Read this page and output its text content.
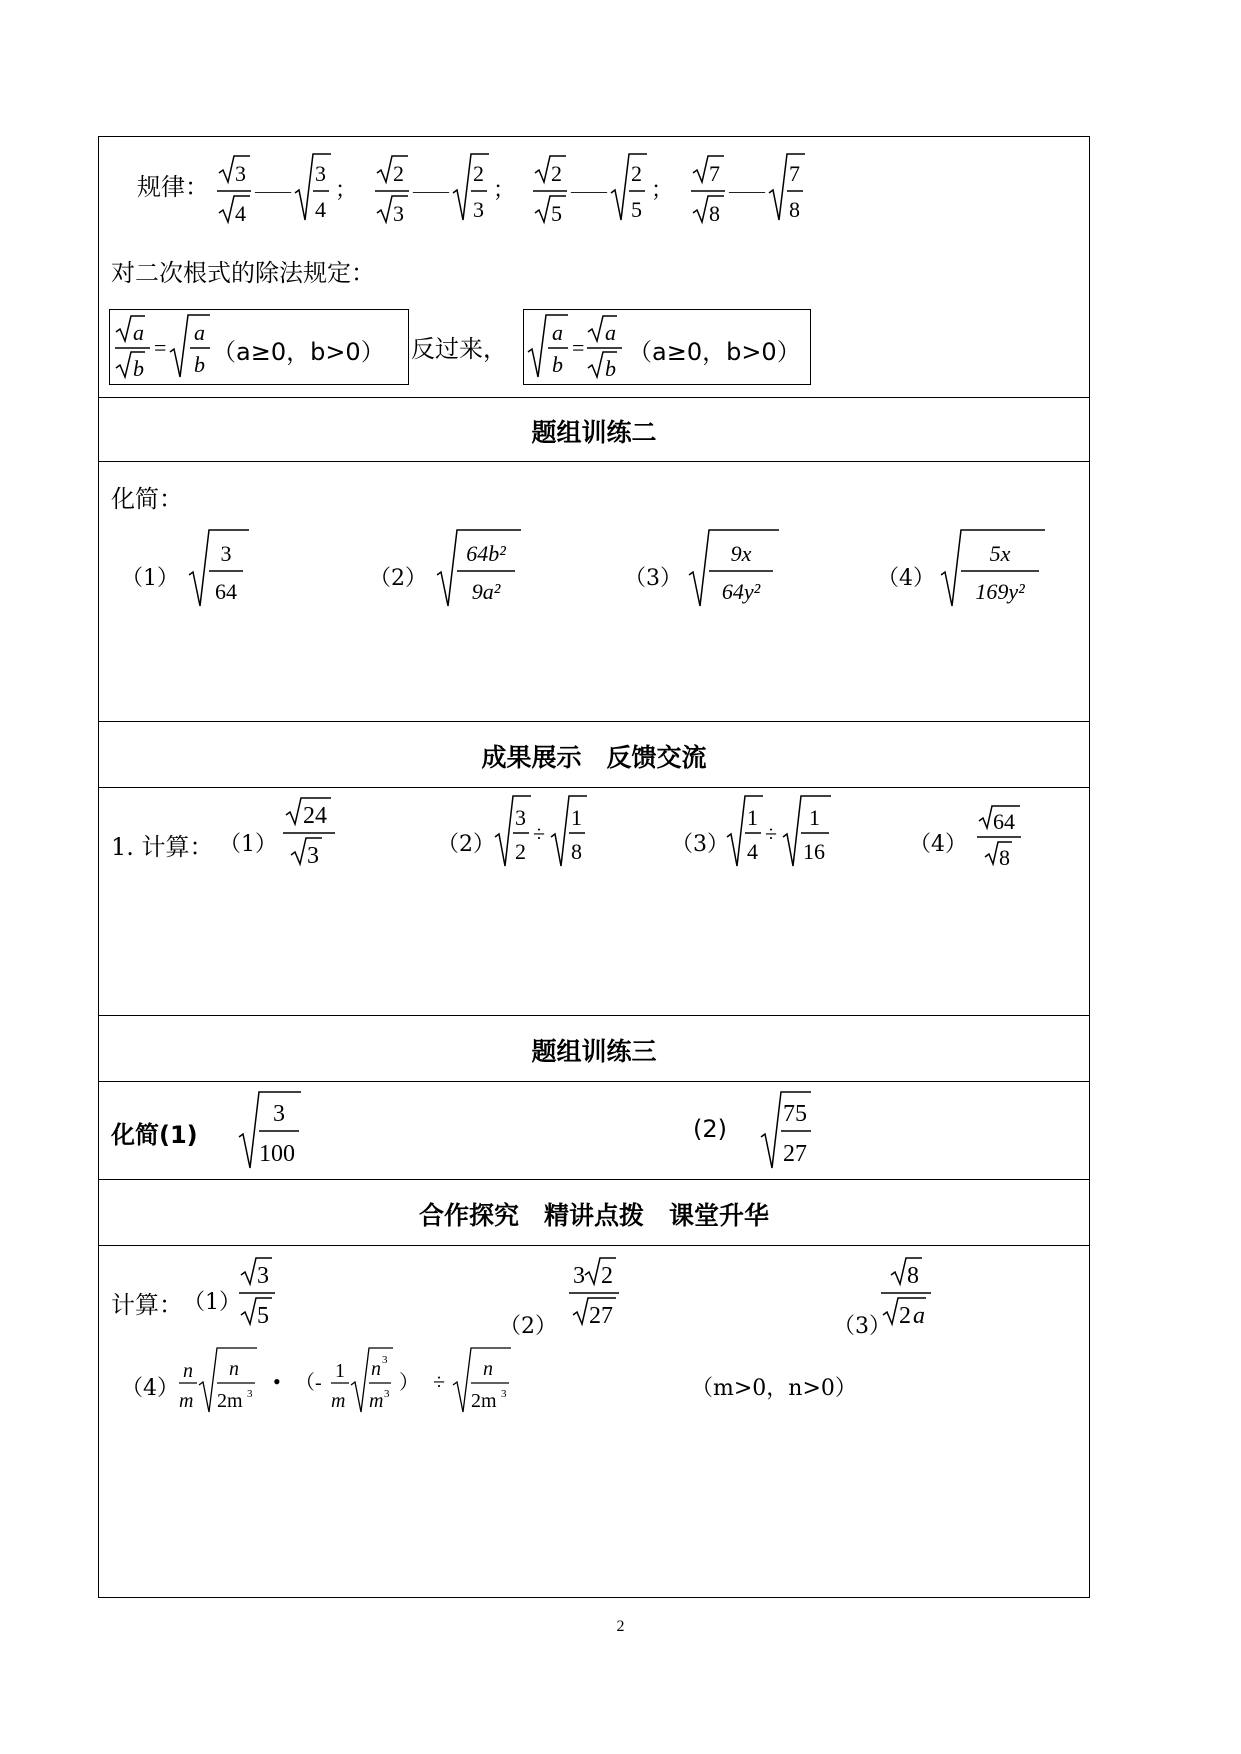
规律： 3
4
——
3
4
；
2
3
——
2
3
；
2
5
——
2
5
；
7
8
——
7
8
对二次根式的除法规定：
a
b
=
a
b （a≥0，b>0） 反过来，
a
b
=
a
b
（a≥0，b>0）
题组训练二
化简：
（1）	（2）	（3）	（4）
3
64
64b²
9a²
9x
64y²
5x
169y²
成果展示　反馈交流
1. 计算： （1）	（2）	（3）	（4）
24
3
3
2
÷
1
8
1
4
÷
1
16
64
8
题组训练三
化简(1)	(2)
3
100
75
27
合作探究　精讲点拨　课堂升华
计算： （1）
（2）	（3）
（4）	（m>0，n>0）
3
5
3 2
27
8
2 a
n
m
n
2m 3 • （-
1
m
n 3
m 3 ） ÷ n
2m 3
2
